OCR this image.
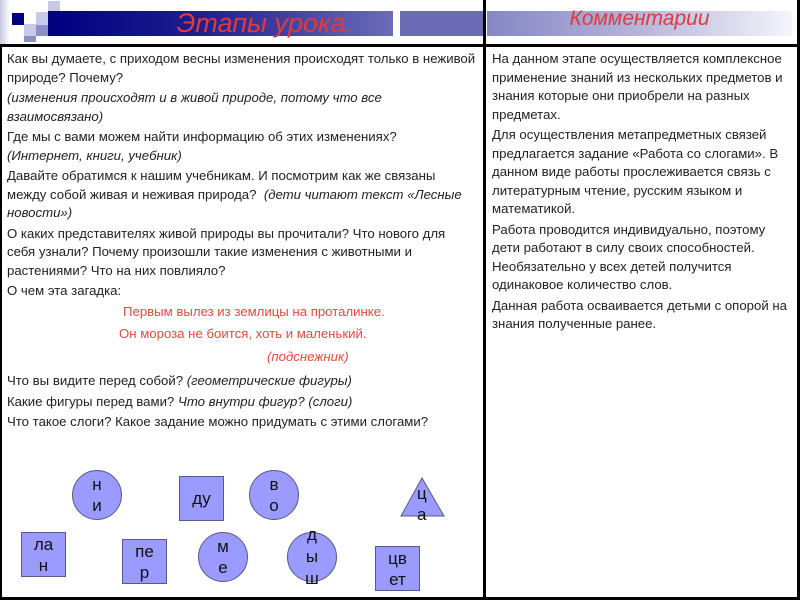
Этапы урока.	Комментарии

Как вы думаете, с приходом весны изменения происходят только в неживой природе? Почему?

(изменения происходят и в живой природе, потому что все взаимосвязано)

Где мы с вами можем найти информацию об этих изменениях?

(Интернет, книги, учебник)

Давайте обратимся к нашим учебникам. И посмотрим как же связаны между собой живая и неживая природа? (дети читают текст «Лесные новости»)

О каких представителях живой природы вы прочитали? Что нового для себя узнали? Почему произошли такие изменения с животными и растениями? Что на них повлияло?

О чем эта загадка:

Первым вылез из землицы на проталинке.

Он мороза не боится, хоть и маленький.

(подснежник)

Что вы видите перед собой? (геометрические фигуры)

Какие фигуры перед вами? Что внутри фигур? (слоги)

Что такое слоги? Какое задание можно придумать с этими слогами?

н
и	ду
в
о
ц
а
ла
н
пе
р
м
е
д
ы
ш
цв
ет

На данном этапе осуществляется комплексное применение знаний из нескольких предметов и знания которые они приобрели на разных предметах.

Для осуществления метапредметных связей предлагается задание «Работа со слогами». В данном виде работы прослеживается связь с литературным чтение, русским языком и математикой.

Работа проводится индивидуально, поэтому дети работают в силу своих способностей. Необязательно у всех детей получится одинаковое количество слов.

Данная работа осваивается детьми с опорой на знания полученные ранее.
